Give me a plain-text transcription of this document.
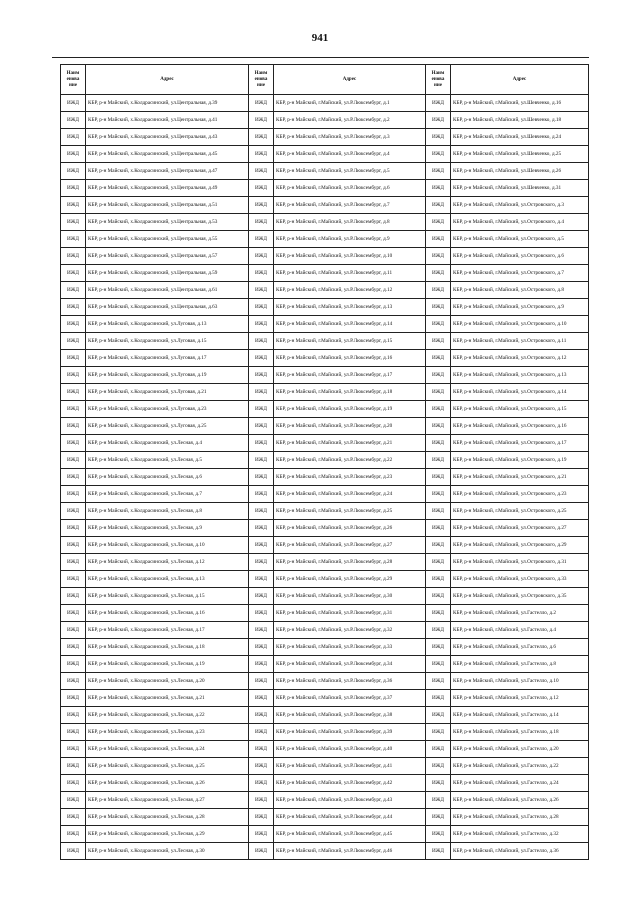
941
Наим енова ние	Адрес	Наим енова ние	Адрес	Наим енова ние	Адрес
ИЖД	КБР, р-н Майский, х.Колдрасинский, ул.Центральная, д.39	ИЖД	КБР, р-н Майский, г.Майский, ул.Р.Люксембург, д.1	ИЖД	КБР, р-н Майский, г.Майский, ул.Шевченко, д.16
ИЖД	КБР, р-н Майский, х.Колдрасинский, ул.Центральная, д.41	ИЖД	КБР, р-н Майский, г.Майский, ул.Р.Люксембург, д.2	ИЖД	КБР, р-н Майский, г.Майский, ул.Шевченко, д.18
ИЖД	КБР, р-н Майский, х.Колдрасинский, ул.Центральная, д.43	ИЖД	КБР, р-н Майский, г.Майский, ул.Р.Люксембург, д.3	ИЖД	КБР, р-н Майский, г.Майский, ул.Шевченко, д.24
ИЖД	КБР, р-н Майский, х.Колдрасинский, ул.Центральная, д.45	ИЖД	КБР, р-н Майский, г.Майский, ул.Р.Люксембург, д.4	ИЖД	КБР, р-н Майский, г.Майский, ул.Шевченко, д.25
ИЖД	КБР, р-н Майский, х.Колдрасинский, ул.Центральная, д.47	ИЖД	КБР, р-н Майский, г.Майский, ул.Р.Люксембург, д.5	ИЖД	КБР, р-н Майский, г.Майский, ул.Шевченко, д.26
ИЖД	КБР, р-н Майский, х.Колдрасинский, ул.Центральная, д.49	ИЖД	КБР, р-н Майский, г.Майский, ул.Р.Люксембург, д.6	ИЖД	КБР, р-н Майский, г.Майский, ул.Шевченко, д.31
ИЖД	КБР, р-н Майский, х.Колдрасинский, ул.Центральная, д.51	ИЖД	КБР, р-н Майский, г.Майский, ул.Р.Люксембург, д.7	ИЖД	КБР, р-н Майский, г.Майский, ул.Островского, д.3
ИЖД	КБР, р-н Майский, х.Колдрасинский, ул.Центральная, д.53	ИЖД	КБР, р-н Майский, г.Майский, ул.Р.Люксембург, д.8	ИЖД	КБР, р-н Майский, г.Майский, ул.Островского, д.4
ИЖД	КБР, р-н Майский, х.Колдрасинский, ул.Центральная, д.55	ИЖД	КБР, р-н Майский, г.Майский, ул.Р.Люксембург, д.9	ИЖД	КБР, р-н Майский, г.Майский, ул.Островского, д.5
ИЖД	КБР, р-н Майский, х.Колдрасинский, ул.Центральная, д.57	ИЖД	КБР, р-н Майский, г.Майский, ул.Р.Люксембург, д.10	ИЖД	КБР, р-н Майский, г.Майский, ул.Островского, д.6
ИЖД	КБР, р-н Майский, х.Колдрасинский, ул.Центральная, д.59	ИЖД	КБР, р-н Майский, г.Майский, ул.Р.Люксембург, д.11	ИЖД	КБР, р-н Майский, г.Майский, ул.Островского, д.7
ИЖД	КБР, р-н Майский, х.Колдрасинский, ул.Центральная, д.61	ИЖД	КБР, р-н Майский, г.Майский, ул.Р.Люксембург, д.12	ИЖД	КБР, р-н Майский, г.Майский, ул.Островского, д.8
ИЖД	КБР, р-н Майский, х.Колдрасинский, ул.Центральная, д.63	ИЖД	КБР, р-н Майский, г.Майский, ул.Р.Люксембург, д.13	ИЖД	КБР, р-н Майский, г.Майский, ул.Островского, д.9
ИЖД	КБР, р-н Майский, х.Колдрасинский, ул.Луговая, д.13	ИЖД	КБР, р-н Майский, г.Майский, ул.Р.Люксембург, д.14	ИЖД	КБР, р-н Майский, г.Майский, ул.Островского, д.10
ИЖД	КБР, р-н Майский, х.Колдрасинский, ул.Луговая, д.15	ИЖД	КБР, р-н Майский, г.Майский, ул.Р.Люксембург, д.15	ИЖД	КБР, р-н Майский, г.Майский, ул.Островского, д.11
ИЖД	КБР, р-н Майский, х.Колдрасинский, ул.Луговая, д.17	ИЖД	КБР, р-н Майский, г.Майский, ул.Р.Люксембург, д.16	ИЖД	КБР, р-н Майский, г.Майский, ул.Островского, д.12
ИЖД	КБР, р-н Майский, х.Колдрасинский, ул.Луговая, д.19	ИЖД	КБР, р-н Майский, г.Майский, ул.Р.Люксембург, д.17	ИЖД	КБР, р-н Майский, г.Майский, ул.Островского, д.13
ИЖД	КБР, р-н Майский, х.Колдрасинский, ул.Луговая, д.21	ИЖД	КБР, р-н Майский, г.Майский, ул.Р.Люксембург, д.18	ИЖД	КБР, р-н Майский, г.Майский, ул.Островского, д.14
ИЖД	КБР, р-н Майский, х.Колдрасинский, ул.Луговая, д.23	ИЖД	КБР, р-н Майский, г.Майский, ул.Р.Люксембург, д.19	ИЖД	КБР, р-н Майский, г.Майский, ул.Островского, д.15
ИЖД	КБР, р-н Майский, х.Колдрасинский, ул.Луговая, д.25	ИЖД	КБР, р-н Майский, г.Майский, ул.Р.Люксембург, д.20	ИЖД	КБР, р-н Майский, г.Майский, ул.Островского, д.16
ИЖД	КБР, р-н Майский, х.Колдрасинский, ул.Лесная, д.4	ИЖД	КБР, р-н Майский, г.Майский, ул.Р.Люксембург, д.21	ИЖД	КБР, р-н Майский, г.Майский, ул.Островского, д.17
ИЖД	КБР, р-н Майский, х.Колдрасинский, ул.Лесная, д.5	ИЖД	КБР, р-н Майский, г.Майский, ул.Р.Люксембург, д.22	ИЖД	КБР, р-н Майский, г.Майский, ул.Островского, д.19
ИЖД	КБР, р-н Майский, х.Колдрасинский, ул.Лесная, д.6	ИЖД	КБР, р-н Майский, г.Майский, ул.Р.Люксембург, д.23	ИЖД	КБР, р-н Майский, г.Майский, ул.Островского, д.21
ИЖД	КБР, р-н Майский, х.Колдрасинский, ул.Лесная, д.7	ИЖД	КБР, р-н Майский, г.Майский, ул.Р.Люксембург, д.24	ИЖД	КБР, р-н Майский, г.Майский, ул.Островского, д.23
ИЖД	КБР, р-н Майский, х.Колдрасинский, ул.Лесная, д.8	ИЖД	КБР, р-н Майский, г.Майский, ул.Р.Люксембург, д.25	ИЖД	КБР, р-н Майский, г.Майский, ул.Островского, д.25
ИЖД	КБР, р-н Майский, х.Колдрасинский, ул.Лесная, д.9	ИЖД	КБР, р-н Майский, г.Майский, ул.Р.Люксембург, д.26	ИЖД	КБР, р-н Майский, г.Майский, ул.Островского, д.27
ИЖД	КБР, р-н Майский, х.Колдрасинский, ул.Лесная, д.10	ИЖД	КБР, р-н Майский, г.Майский, ул.Р.Люксембург, д.27	ИЖД	КБР, р-н Майский, г.Майский, ул.Островского, д.29
ИЖД	КБР, р-н Майский, х.Колдрасинский, ул.Лесная, д.12	ИЖД	КБР, р-н Майский, г.Майский, ул.Р.Люксембург, д.28	ИЖД	КБР, р-н Майский, г.Майский, ул.Островского, д.31
ИЖД	КБР, р-н Майский, х.Колдрасинский, ул.Лесная, д.13	ИЖД	КБР, р-н Майский, г.Майский, ул.Р.Люксембург, д.29	ИЖД	КБР, р-н Майский, г.Майский, ул.Островского, д.33
ИЖД	КБР, р-н Майский, х.Колдрасинский, ул.Лесная, д.15	ИЖД	КБР, р-н Майский, г.Майский, ул.Р.Люксембург, д.30	ИЖД	КБР, р-н Майский, г.Майский, ул.Островского, д.35
ИЖД	КБР, р-н Майский, х.Колдрасинский, ул.Лесная, д.16	ИЖД	КБР, р-н Майский, г.Майский, ул.Р.Люксембург, д.31	ИЖД	КБР, р-н Майский, г.Майский, ул.Гастелло, д.2
ИЖД	КБР, р-н Майский, х.Колдрасинский, ул.Лесная, д.17	ИЖД	КБР, р-н Майский, г.Майский, ул.Р.Люксембург, д.32	ИЖД	КБР, р-н Майский, г.Майский, ул.Гастелло, д.4
ИЖД	КБР, р-н Майский, х.Колдрасинский, ул.Лесная, д.18	ИЖД	КБР, р-н Майский, г.Майский, ул.Р.Люксембург, д.33	ИЖД	КБР, р-н Майский, г.Майский, ул.Гастелло, д.6
ИЖД	КБР, р-н Майский, х.Колдрасинский, ул.Лесная, д.19	ИЖД	КБР, р-н Майский, г.Майский, ул.Р.Люксембург, д.34	ИЖД	КБР, р-н Майский, г.Майский, ул.Гастелло, д.8
ИЖД	КБР, р-н Майский, х.Колдрасинский, ул.Лесная, д.20	ИЖД	КБР, р-н Майский, г.Майский, ул.Р.Люксембург, д.36	ИЖД	КБР, р-н Майский, г.Майский, ул.Гастелло, д.10
ИЖД	КБР, р-н Майский, х.Колдрасинский, ул.Лесная, д.21	ИЖД	КБР, р-н Майский, г.Майский, ул.Р.Люксембург, д.37	ИЖД	КБР, р-н Майский, г.Майский, ул.Гастелло, д.12
ИЖД	КБР, р-н Майский, х.Колдрасинский, ул.Лесная, д.22	ИЖД	КБР, р-н Майский, г.Майский, ул.Р.Люксембург, д.38	ИЖД	КБР, р-н Майский, г.Майский, ул.Гастелло, д.14
ИЖД	КБР, р-н Майский, х.Колдрасинский, ул.Лесная, д.23	ИЖД	КБР, р-н Майский, г.Майский, ул.Р.Люксембург, д.39	ИЖД	КБР, р-н Майский, г.Майский, ул.Гастелло, д.18
ИЖД	КБР, р-н Майский, х.Колдрасинский, ул.Лесная, д.24	ИЖД	КБР, р-н Майский, г.Майский, ул.Р.Люксембург, д.40	ИЖД	КБР, р-н Майский, г.Майский, ул.Гастелло, д.20
ИЖД	КБР, р-н Майский, х.Колдрасинский, ул.Лесная, д.25	ИЖД	КБР, р-н Майский, г.Майский, ул.Р.Люксембург, д.41	ИЖД	КБР, р-н Майский, г.Майский, ул.Гастелло, д.22
ИЖД	КБР, р-н Майский, х.Колдрасинский, ул.Лесная, д.26	ИЖД	КБР, р-н Майский, г.Майский, ул.Р.Люксембург, д.42	ИЖД	КБР, р-н Майский, г.Майский, ул.Гастелло, д.24
ИЖД	КБР, р-н Майский, х.Колдрасинский, ул.Лесная, д.27	ИЖД	КБР, р-н Майский, г.Майский, ул.Р.Люксембург, д.43	ИЖД	КБР, р-н Майский, г.Майский, ул.Гастелло, д.26
ИЖД	КБР, р-н Майский, х.Колдрасинский, ул.Лесная, д.28	ИЖД	КБР, р-н Майский, г.Майский, ул.Р.Люксембург, д.44	ИЖД	КБР, р-н Майский, г.Майский, ул.Гастелло, д.28
ИЖД	КБР, р-н Майский, х.Колдрасинский, ул.Лесная, д.29	ИЖД	КБР, р-н Майский, г.Майский, ул.Р.Люксембург, д.45	ИЖД	КБР, р-н Майский, г.Майский, ул.Гастелло, д.32
ИЖД	КБР, р-н Майский, х.Колдрасинский, ул.Лесная, д.30	ИЖД	КБР, р-н Майский, г.Майский, ул.Р.Люксембург, д.46	ИЖД	КБР, р-н Майский, г.Майский, ул.Гастелло, д.36
